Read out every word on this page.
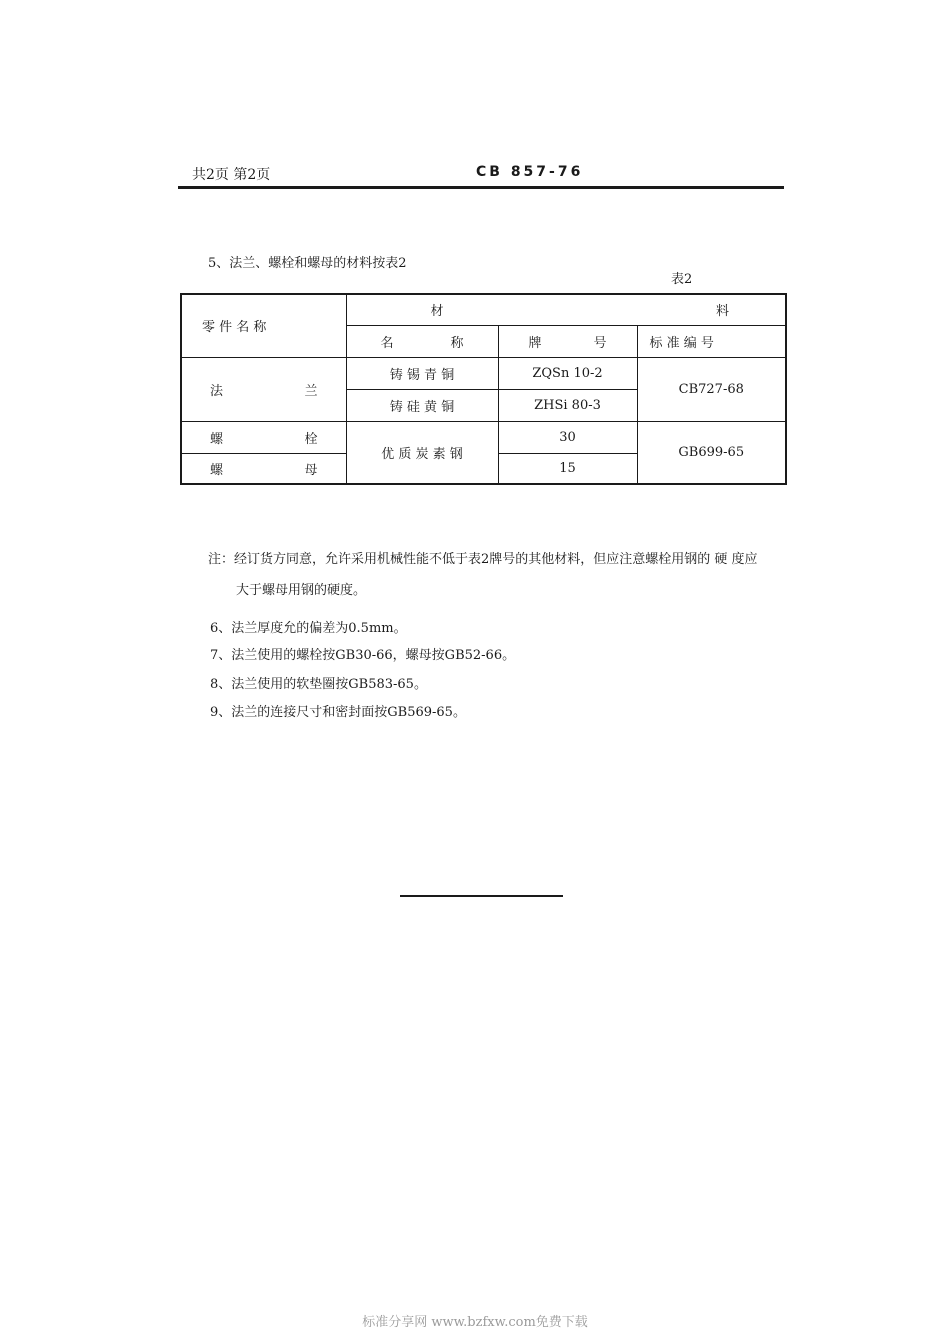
共2页 第2页	CB 857-76
5、法兰、螺栓和螺母的材料按表2
表2
零 件 名 称	材 料		

	名 称	牌 号	标 准 编 号

法 兰	铸 锡 青 铜	ZQSn 10-2	CB727-68
	铸 硅 黄 铜	ZHSi 80-3	

螺 栓	优 质 炭 素 钢	30	GB699-65

螺 母		15	
注：经订货方同意，允许采用机械性能不低于表2牌号的其他材料，但应注意螺栓用钢的 硬 度应
大于螺母用钢的硬度。
6、法兰厚度允的偏差为0.5mm。
7、法兰使用的螺栓按GB30-66，螺母按GB52-66。
8、法兰使用的软垫圈按GB583-65。
9、法兰的连接尺寸和密封面按GB569-65。
标准分享网 www.bzfxw.com免费下载
